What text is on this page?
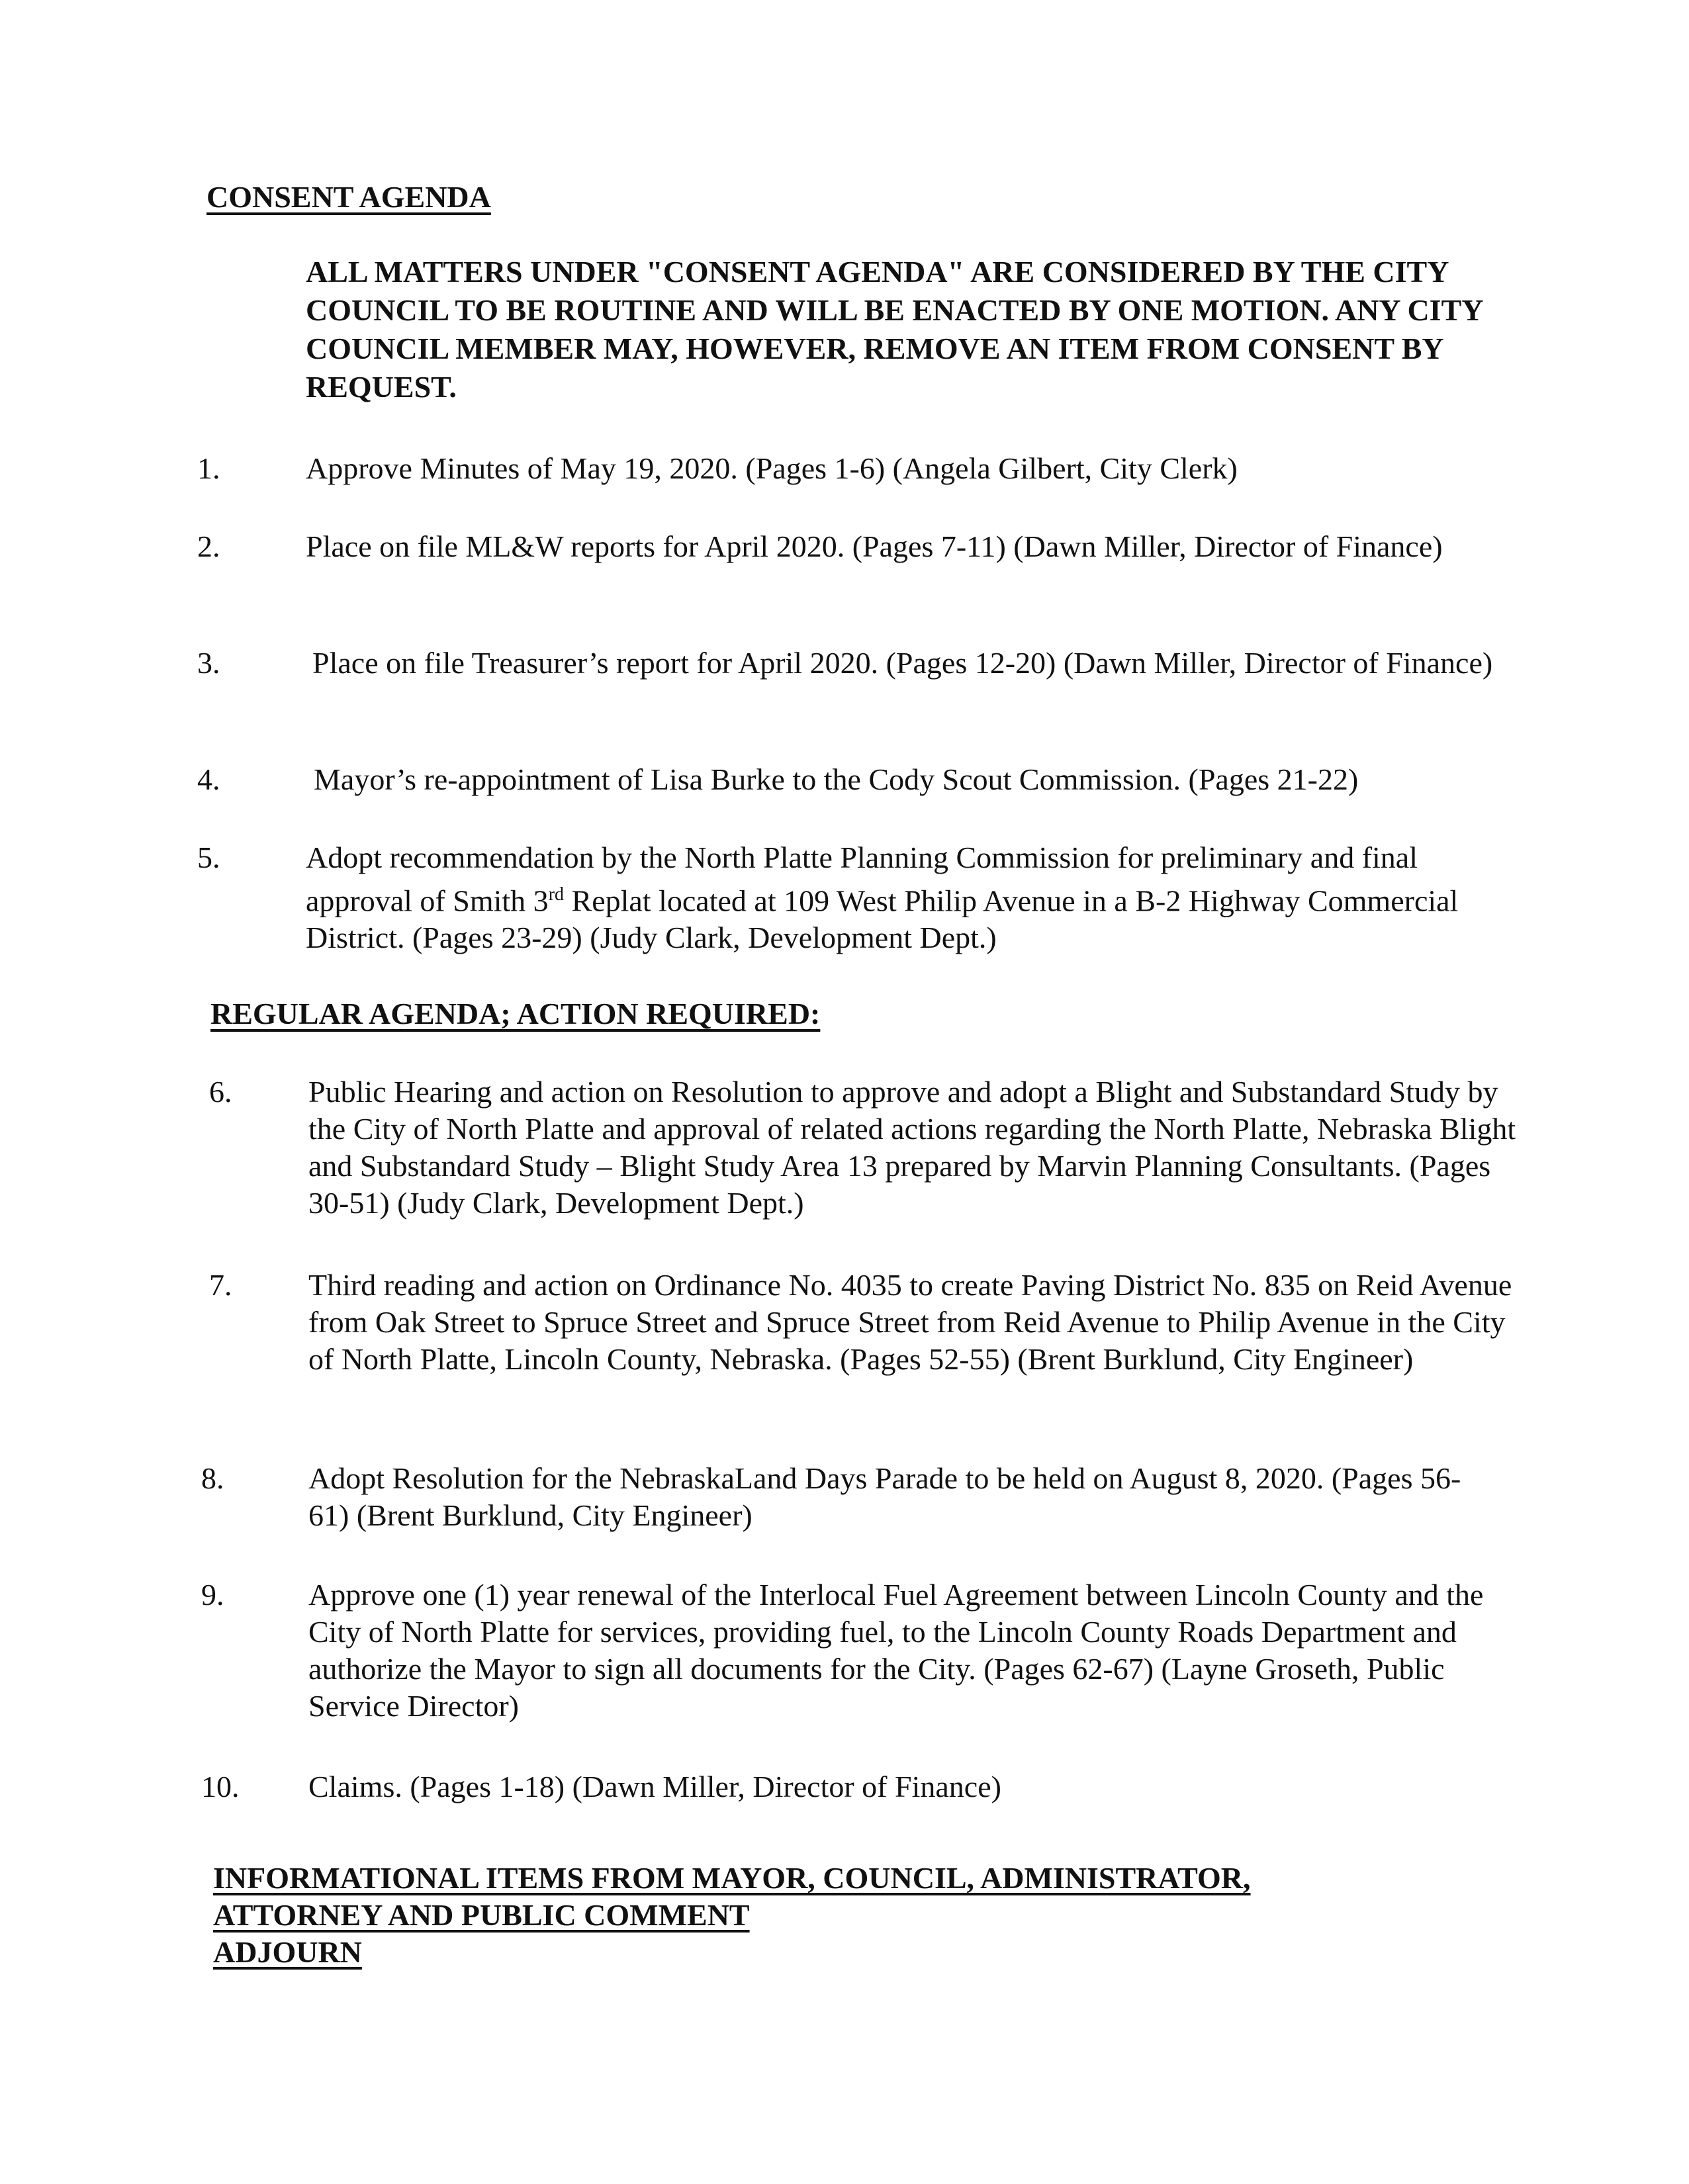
CONSENT AGENDA

ALL MATTERS UNDER "CONSENT AGENDA" ARE CONSIDERED BY THE CITY COUNCIL TO BE ROUTINE AND WILL BE ENACTED BY ONE MOTION. ANY CITY COUNCIL MEMBER MAY, HOWEVER, REMOVE AN ITEM FROM CONSENT BY REQUEST.

1.	Approve Minutes of May 19, 2020. (Pages 1-6) (Angela Gilbert, City Clerk)
2.	Place on file ML&W reports for April 2020. (Pages 7-11) (Dawn Miller, Director of Finance)
3.	Place on file Treasurer’s report for April 2020. (Pages 12-20) (Dawn Miller, Director of Finance)
4.	Mayor’s re-appointment of Lisa Burke to the Cody Scout Commission. (Pages 21-22)
5.	Adopt recommendation by the North Platte Planning Commission for preliminary and final approval of Smith 3rd Replat located at 109 West Philip Avenue in a B-2 Highway Commercial District. (Pages 23-29) (Judy Clark, Development Dept.)
REGULAR AGENDA; ACTION REQUIRED:
6.	Public Hearing and action on Resolution to approve and adopt a Blight and Substandard Study by the City of North Platte and approval of related actions regarding the North Platte, Nebraska Blight and Substandard Study – Blight Study Area 13 prepared by Marvin Planning Consultants. (Pages 30-51) (Judy Clark, Development Dept.)
7.	Third reading and action on Ordinance No. 4035 to create Paving District No. 835 on Reid Avenue from Oak Street to Spruce Street and Spruce Street from Reid Avenue to Philip Avenue in the City of North Platte, Lincoln County, Nebraska. (Pages 52-55) (Brent Burklund, City Engineer)
8.	Adopt Resolution for the NebraskaLand Days Parade to be held on August 8, 2020. (Pages 56-61) (Brent Burklund, City Engineer)
9.	Approve one (1) year renewal of the Interlocal Fuel Agreement between Lincoln County and the City of North Platte for services, providing fuel, to the Lincoln County Roads Department and authorize the Mayor to sign all documents for the City. (Pages 62-67) (Layne Groseth, Public Service Director)
10. Claims. (Pages 1-18) (Dawn Miller, Director of Finance)
INFORMATIONAL ITEMS FROM MAYOR, COUNCIL, ADMINISTRATOR,
ATTORNEY AND PUBLIC COMMENT
ADJOURN
